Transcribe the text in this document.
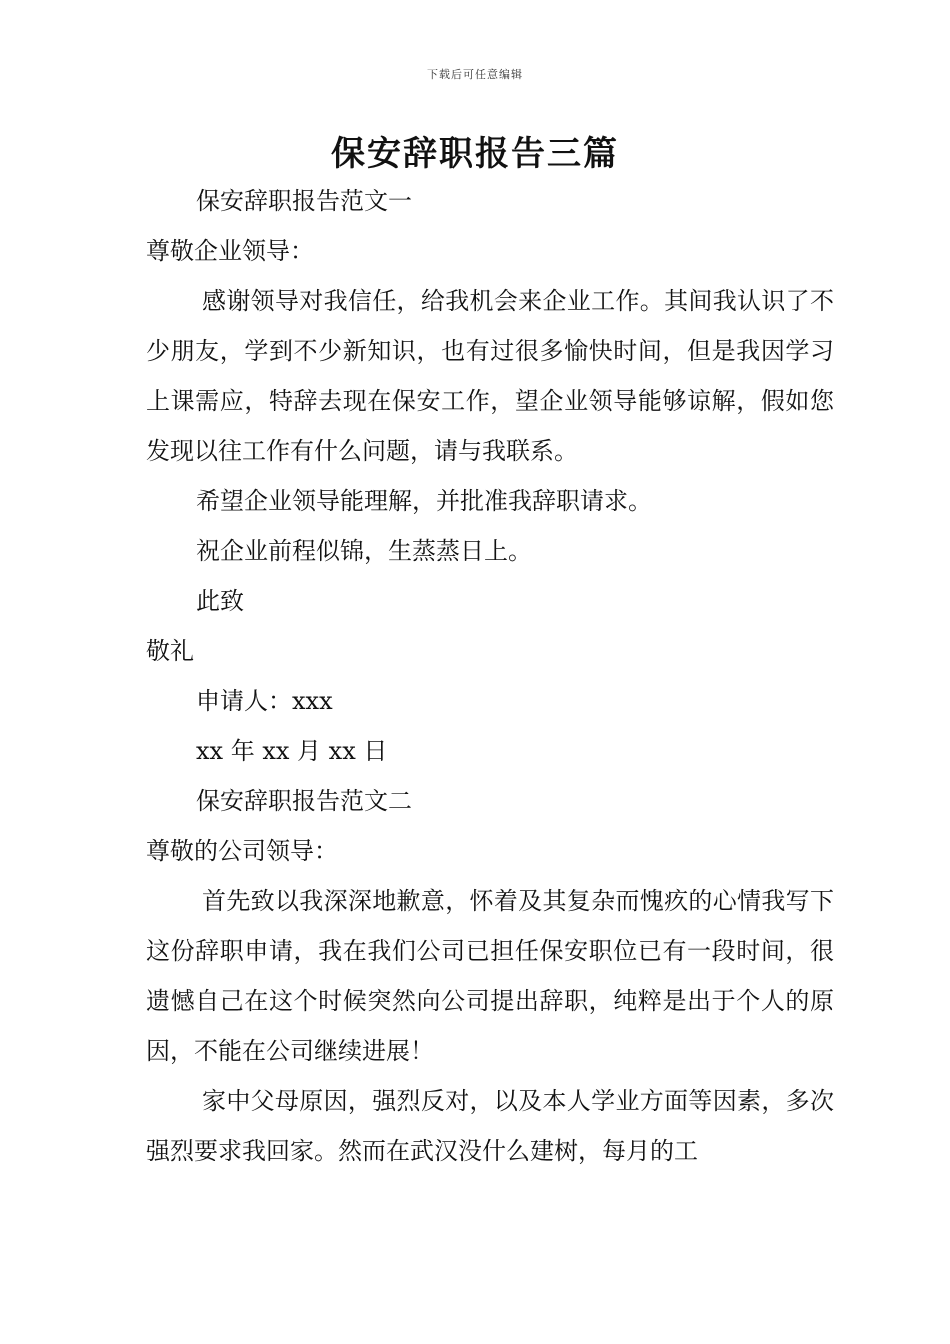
下载后可任意编辑
保安辞职报告三篇

保安辞职报告范文一

尊敬企业领导：

感谢领导对我信任，给我机会来企业工作。其间我认识了不少朋友，学到不少新知识，也有过很多愉快时间，但是我因学习上课需应，特辞去现在保安工作，望企业领导能够谅解，假如您发现以往工作有什么问题，请与我联系。

希望企业领导能理解，并批准我辞职请求。

祝企业前程似锦，生蒸蒸日上。

此致

敬礼

申请人：xxx

xx 年 xx 月 xx 日

保安辞职报告范文二

尊敬的公司领导：

首先致以我深深地歉意，怀着及其复杂而愧疚的心情我写下这份辞职申请，我在我们公司已担任保安职位已有一段时间，很遗憾自己在这个时候突然向公司提出辞职，纯粹是出于个人的原因，不能在公司继续进展！

家中父母原因，强烈反对，以及本人学业方面等因素，多次强烈要求我回家。然而在武汉没什么建树，每月的工
